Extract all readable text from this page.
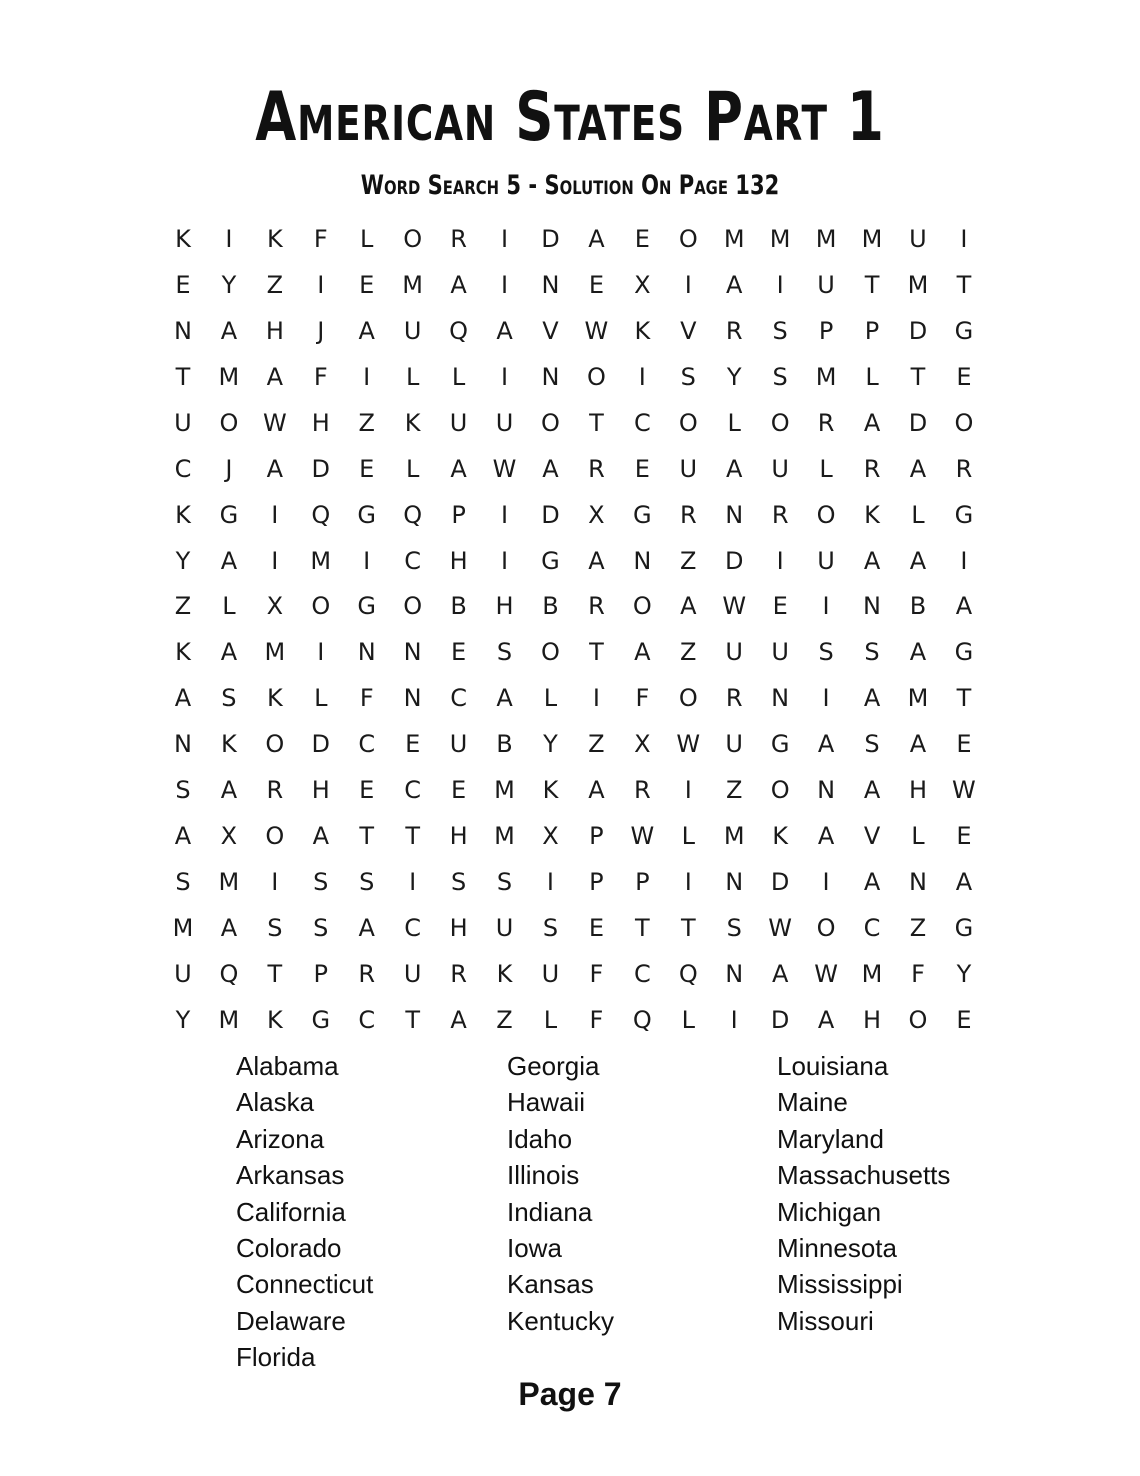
American States Part 1
Word Search 5 - Solution On Page 132
K	I	K	F	L	O	R	I	D	A	E	O	M	M	M	M	U	I
E	Y	Z	I	E	M	A	I	N	E	X	I	A	I	U	T	M	T
N	A	H	J	A	U	Q	A	V	W	K	V	R	S	P	P	D	G
T	M	A	F	I	L	L	I	N	O	I	S	Y	S	M	L	T	E
U	O	W	H	Z	K	U	U	O	T	C	O	L	O	R	A	D	O
C	J	A	D	E	L	A	W	A	R	E	U	A	U	L	R	A	R
K	G	I	Q	G	Q	P	I	D	X	G	R	N	R	O	K	L	G
Y	A	I	M	I	C	H	I	G	A	N	Z	D	I	U	A	A	I
Z	L	X	O	G	O	B	H	B	R	O	A	W	E	I	N	B	A
K	A	M	I	N	N	E	S	O	T	A	Z	U	U	S	S	A	G
A	S	K	L	F	N	C	A	L	I	F	O	R	N	I	A	M	T
N	K	O	D	C	E	U	B	Y	Z	X	W	U	G	A	S	A	E
S	A	R	H	E	C	E	M	K	A	R	I	Z	O	N	A	H	W
A	X	O	A	T	T	H	M	X	P	W	L	M	K	A	V	L	E
S	M	I	S	S	I	S	S	I	P	P	I	N	D	I	A	N	A
M	A	S	S	A	C	H	U	S	E	T	T	S	W	O	C	Z	G
U	Q	T	P	R	U	R	K	U	F	C	Q	N	A	W M	F	Y
Y	M	K	G	C	T	A	Z	L	F	Q	L	I	D	A	H	O	E
Alabama
Alaska
Arizona
Arkansas
California
Colorado
Connecticut
Delaware
Florida
Georgia
Hawaii
Idaho
Illinois
Indiana
Iowa
Kansas
Kentucky
Louisiana
Maine
Maryland
Massachusetts
Michigan
Minnesota
Mississippi
Missouri
Page 7
